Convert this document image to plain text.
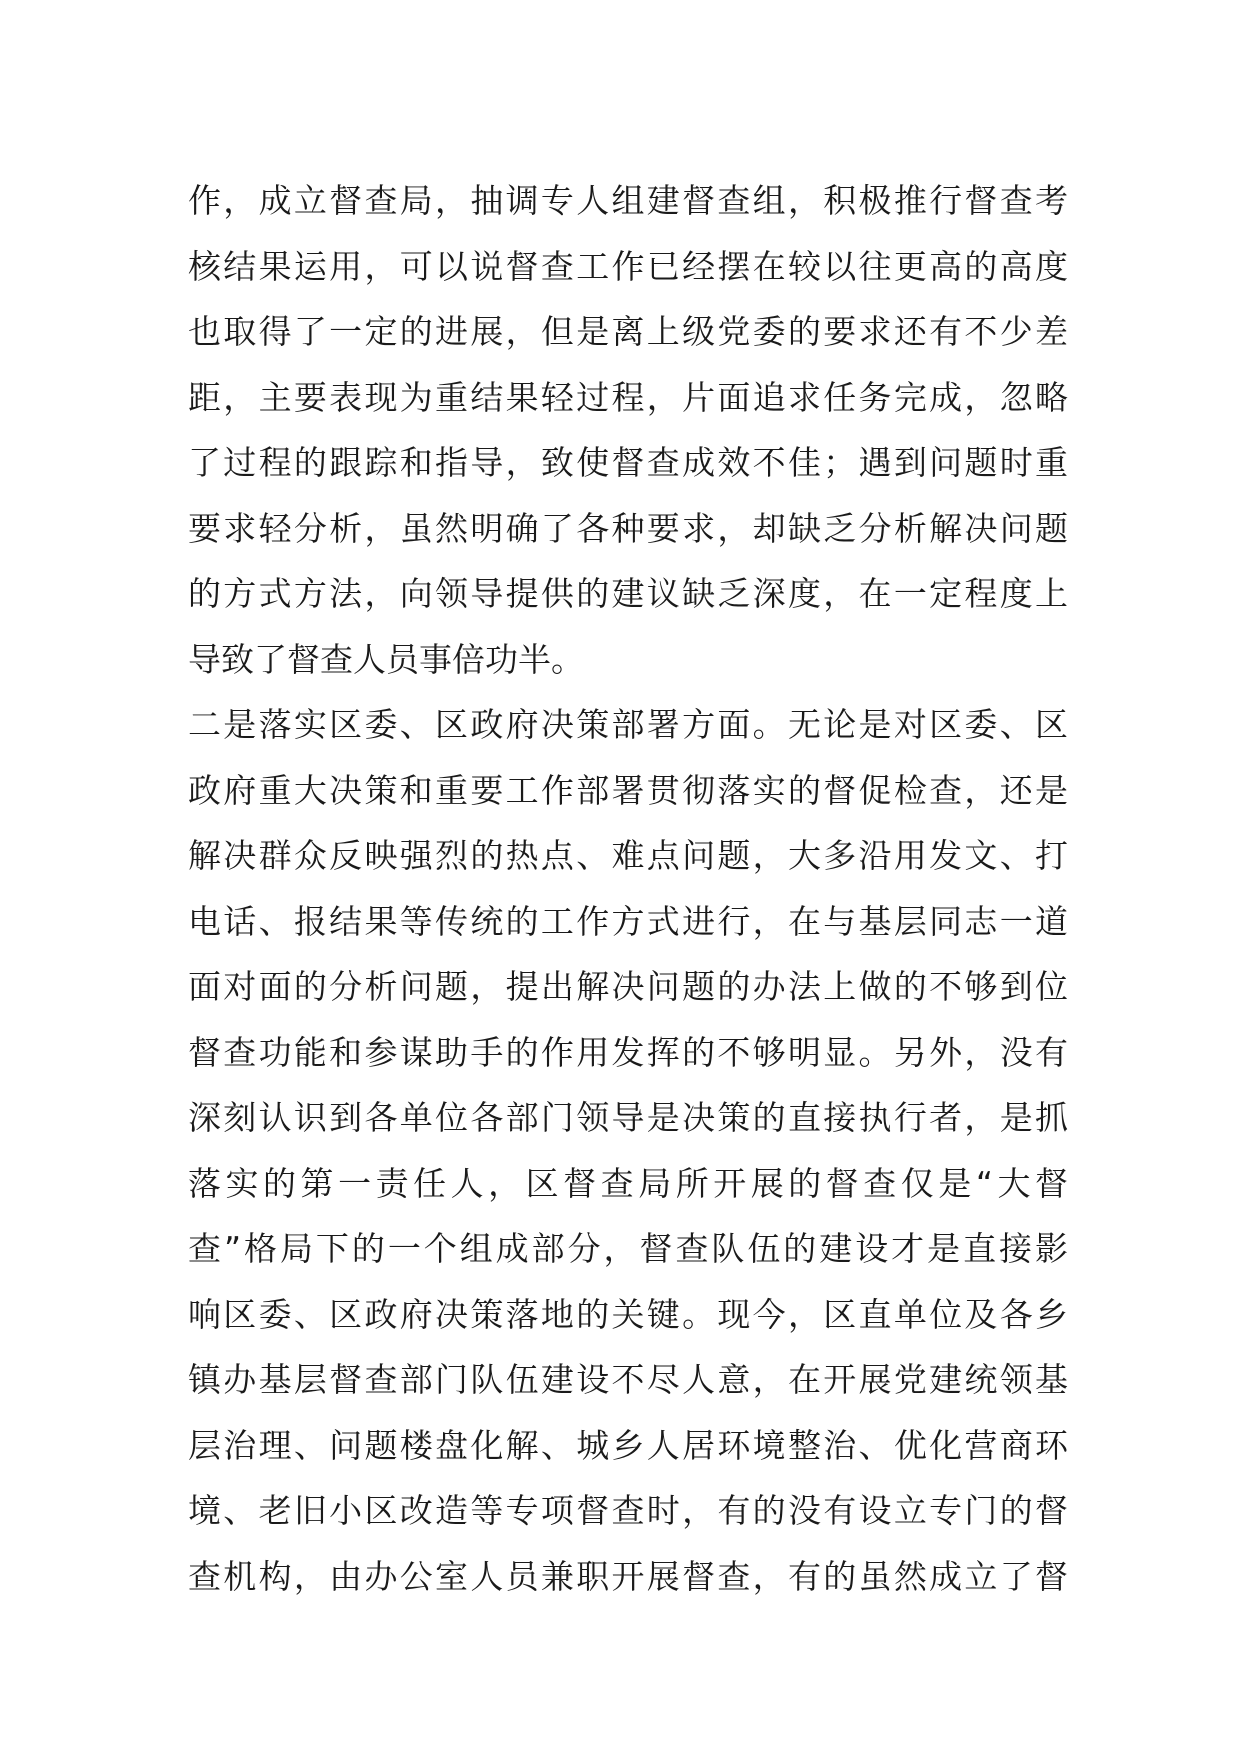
作，成立督查局，抽调专人组建督查组，积极推行督查考
核结果运用，可以说督查工作已经摆在较以往更高的高度
也取得了一定的进展，但是离上级党委的要求还有不少差
距，主要表现为重结果轻过程，片面追求任务完成，忽略
了过程的跟踪和指导，致使督查成效不佳；遇到问题时重
要求轻分析，虽然明确了各种要求，却缺乏分析解决问题
的方式方法，向领导提供的建议缺乏深度，在一定程度上
导致了督查人员事倍功半。
二是落实区委、区政府决策部署方面。无论是对区委、区
政府重大决策和重要工作部署贯彻落实的督促检查，还是
解决群众反映强烈的热点、难点问题，大多沿用发文、打
电话、报结果等传统的工作方式进行，在与基层同志一道
面对面的分析问题，提出解决问题的办法上做的不够到位
督查功能和参谋助手的作用发挥的不够明显。另外，没有
深刻认识到各单位各部门领导是决策的直接执行者，是抓
落实的第一责任人，区督查局所开展的督查仅是“大督
查”格局下的一个组成部分，督查队伍的建设才是直接影
响区委、区政府决策落地的关键。现今，区直单位及各乡
镇办基层督查部门队伍建设不尽人意，在开展党建统领基
层治理、问题楼盘化解、城乡人居环境整治、优化营商环
境、老旧小区改造等专项督查时，有的没有设立专门的督
查机构，由办公室人员兼职开展督查，有的虽然成立了督
